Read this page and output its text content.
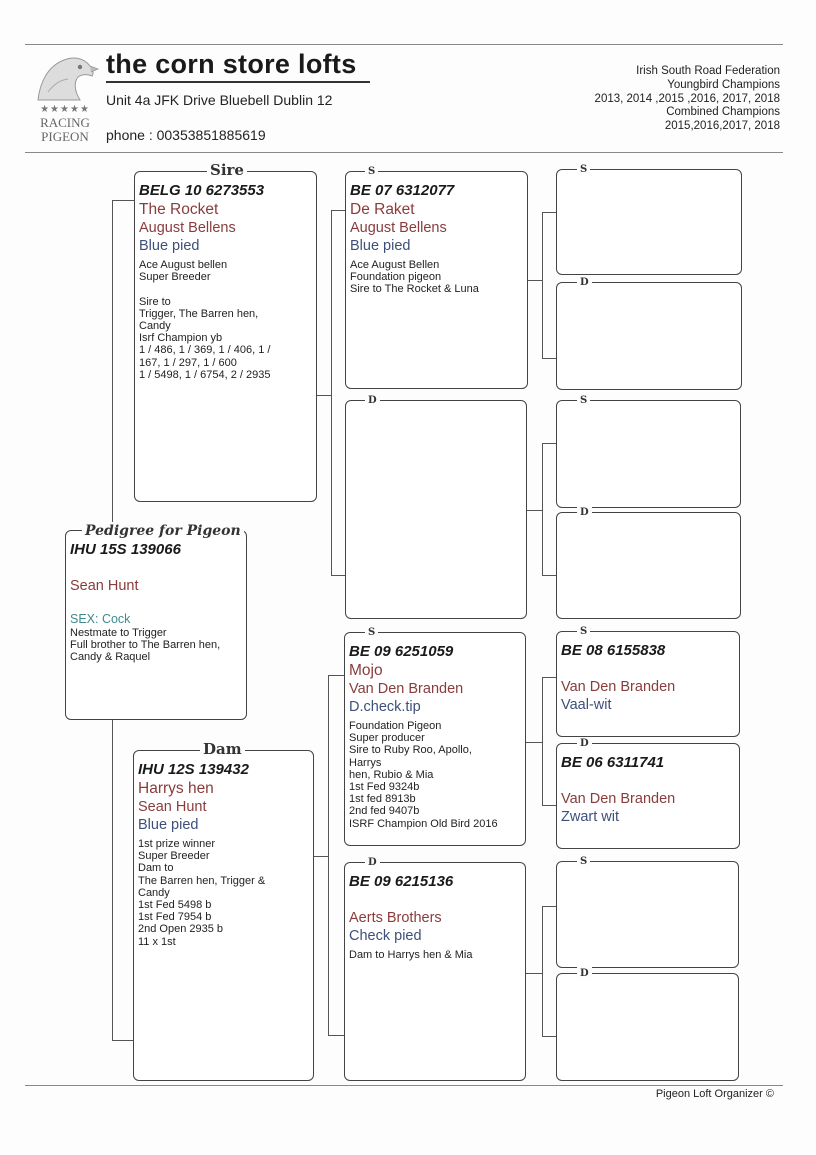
★★★★★
RACING
PIGEON
the corn store lofts
Unit 4a JFK Drive Bluebell Dublin 12
phone : 00353851885619
Irish South Road Federation
Youngbird Champions
2013, 2014 ,2015 ,2016, 2017, 2018
Combined Champions
2015,2016,2017, 2018
BELG 10 6273553
The Rocket
August Bellens
Blue pied
Ace August bellen
Super Breeder

Sire to
Trigger, The Barren hen,
Candy
Isrf Champion yb
1 / 486, 1 / 369, 1 / 406, 1 /
167, 1 / 297, 1 / 600
1 / 5498, 1 / 6754, 2 / 2935
Sire
IHU 15S 139066
Sean Hunt
SEX: Cock
Nestmate to Trigger
Full brother to The Barren hen,
Candy & Raquel
Pedigree for Pigeon
IHU 12S 139432
Harrys hen
Sean Hunt
Blue pied
1st prize winner
Super Breeder
Dam to
The Barren hen, Trigger &
Candy
1st Fed 5498 b
1st Fed 7954 b
2nd Open 2935 b
11 x 1st
Dam
BE 07 6312077
De Raket
August Bellens
Blue pied
Ace August Bellen
Foundation pigeon
Sire to The Rocket & Luna
S
D
BE 09 6251059
Mojo
Van Den Branden
D.check.tip
Foundation Pigeon
Super producer
Sire to Ruby Roo, Apollo,
Harrys
hen, Rubio & Mia
1st Fed 9324b
1st fed 8913b
2nd fed 9407b
ISRF Champion Old Bird 2016
S
BE 09 6215136
Aerts Brothers
Check pied
Dam to Harrys hen & Mia
D
S
D
S
D
BE 08 6155838
Van Den Branden
Vaal-wit
S
BE 06 6311741
Van Den Branden
Zwart wit
D
S
D
Pigeon Loft Organizer ©
